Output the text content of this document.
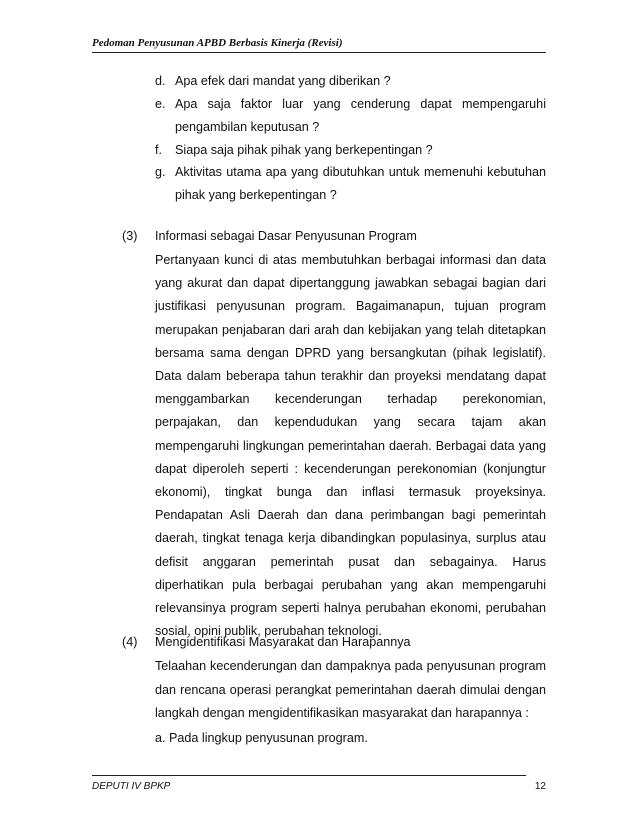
Pedoman Penyusunan APBD Berbasis Kinerja (Revisi)
d. Apa efek dari mandat yang diberikan ?
e. Apa saja faktor luar yang cenderung dapat mempengaruhi
pengambilan keputusan ?
f. Siapa saja pihak pihak yang berkepentingan ?
g. Aktivitas utama apa yang dibutuhkan untuk memenuhi kebutuhan
pihak yang berkepentingan ?
(3) Informasi sebagai Dasar Penyusunan Program
Pertanyaan kunci di atas membutuhkan berbagai informasi dan data
yang akurat dan dapat dipertanggung jawabkan sebagai bagian dari
justifikasi penyusunan program. Bagaimanapun, tujuan program
merupakan penjabaran dari arah dan kebijakan yang telah ditetapkan
bersama sama dengan DPRD yang bersangkutan (pihak legislatif).
Data dalam beberapa tahun terakhir dan proyeksi mendatang dapat
menggambarkan kecenderungan terhadap perekonomian,
perpajakan, dan kependudukan yang secara tajam akan
mempengaruhi lingkungan pemerintahan daerah. Berbagai data yang
dapat diperoleh seperti : kecenderungan perekonomian (konjungtur
ekonomi), tingkat bunga dan inflasi termasuk proyeksinya.
Pendapatan Asli Daerah dan dana perimbangan bagi pemerintah
daerah, tingkat tenaga kerja dibandingkan populasinya, surplus atau
defisit anggaran pemerintah pusat dan sebagainya. Harus
diperhatikan pula berbagai perubahan yang akan mempengaruhi
relevansinya program seperti halnya perubahan ekonomi, perubahan
sosial, opini publik, perubahan teknologi.
(4) Mengidentifikasi Masyarakat dan Harapannya
Telaahan kecenderungan dan dampaknya pada penyusunan program
dan rencana operasi perangkat pemerintahan daerah dimulai dengan
langkah dengan mengidentifikasikan masyarakat dan harapannya :
a. Pada lingkup penyusunan program.
DEPUTI IV BPKP	12
